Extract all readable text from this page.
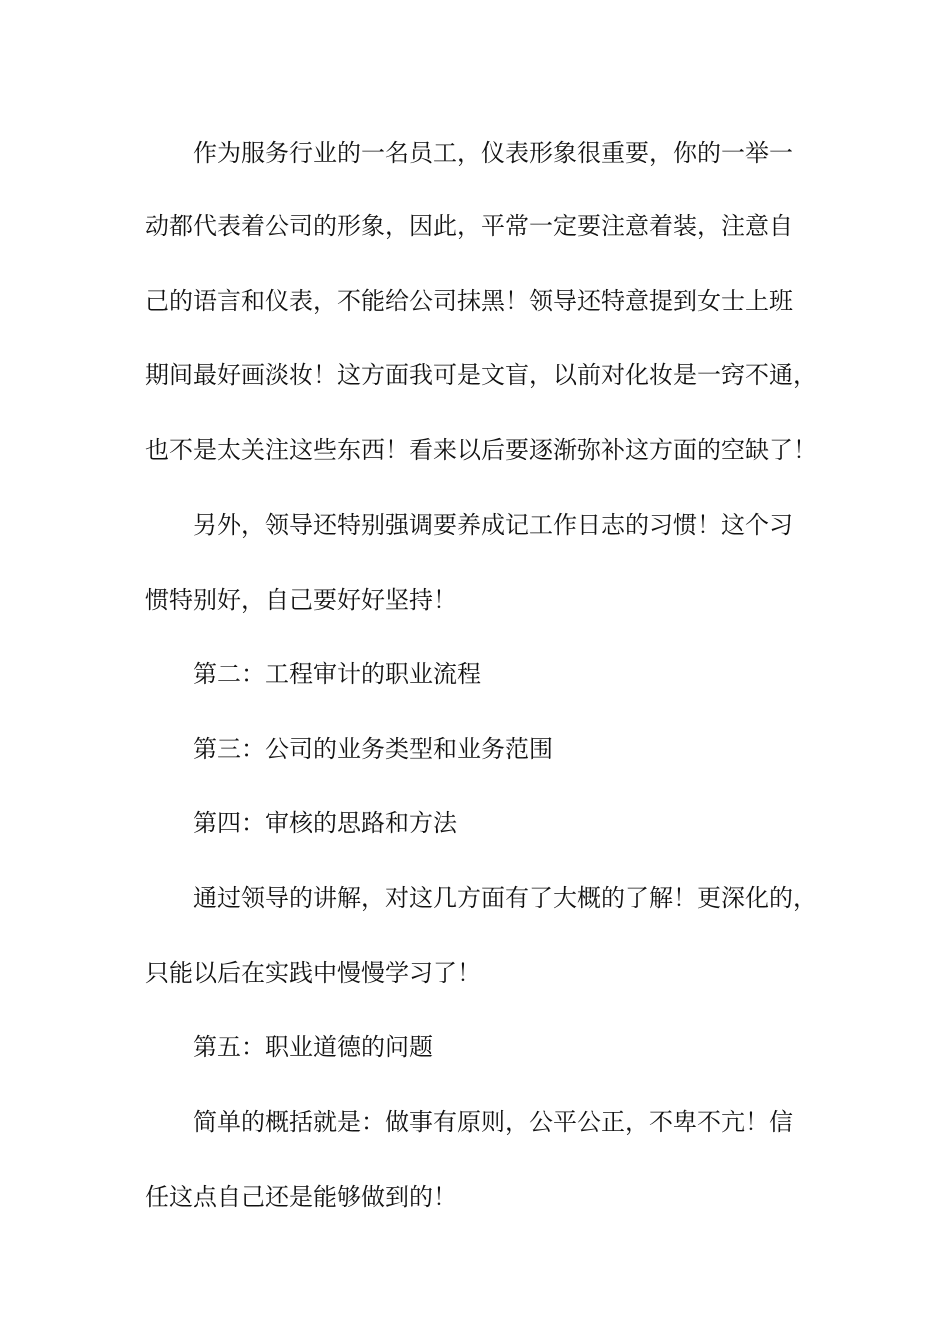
作为服务行业的一名员工，仪表形象很重要，你的一举一
动都代表着公司的形象，因此，平常一定要注意着装，注意自
己的语言和仪表，不能给公司抹黑！领导还特意提到女士上班
期间最好画淡妆！这方面我可是文盲，以前对化妆是一窍不通，
也不是太关注这些东西！看来以后要逐渐弥补这方面的空缺了！
另外，领导还特别强调要养成记工作日志的习惯！这个习
惯特别好，自己要好好坚持！
第二：工程审计的职业流程
第三：公司的业务类型和业务范围
第四：审核的思路和方法
通过领导的讲解，对这几方面有了大概的了解！更深化的，
只能以后在实践中慢慢学习了！
第五：职业道德的问题
简单的概括就是：做事有原则，公平公正，不卑不亢！信
任这点自己还是能够做到的！
